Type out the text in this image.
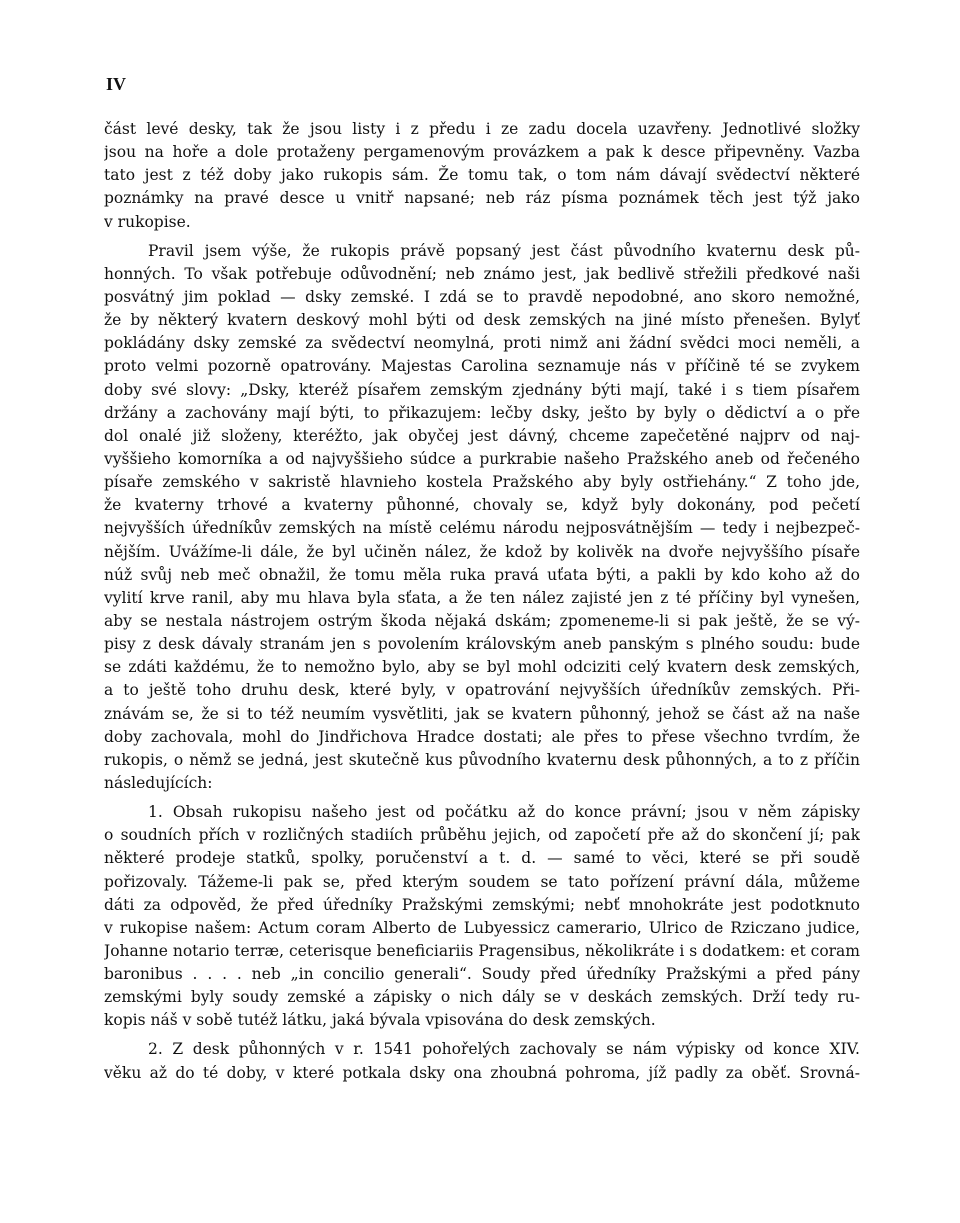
IV
část levé desky, tak že jsou listy i z předu i ze zadu docela uzavřeny. Jednotlivé složky
jsou na hoře a dole protaženy pergamenovým provázkem a pak k desce připevněny. Vazba
tato jest z též doby jako rukopis sám. Že tomu tak, o tom nám dávají svědectví některé
poznámky na pravé desce u vnitř napsané; neb ráz písma poznámek těch jest týž jako
v rukopise.
Pravil jsem výše, že rukopis právě popsaný jest část původního kvaternu desk pů-
honných. To však potřebuje odůvodnění; neb známo jest, jak bedlivě střežili předkové naši
posvátný jim poklad — dsky zemské. I zdá se to pravdě nepodobné, ano skoro nemožné,
že by některý kvatern deskový mohl býti od desk zemských na jiné místo přenešen. Bylyť
pokládány dsky zemské za svědectví neomylná, proti nimž ani žádní svědci moci neměli, a
proto velmi pozorně opatrovány. Majestas Carolina seznamuje nás v příčině té se zvykem
doby své slovy: „Dsky, kteréž písařem zemským zjednány býti mají, také i s tiem písařem
držány a zachovány mají býti, to přikazujem: lečby dsky, ješto by byly o dědictví a o pře
dol onalé již složeny, kteréžto, jak obyčej jest dávný, chceme zapečetěné najprv od naj-
vyššieho komorníka a od najvyššieho súdce a purkrabie našeho Pražského aneb od řečeného
písaře zemského v sakristě hlavnieho kostela Pražského aby byly ostřiehány.“ Z toho jde,
že kvaterny trhové a kvaterny půhonné, chovaly se, když byly dokonány, pod pečetí
nejvyšších úředníkův zemských na místě celému národu nejposvátnějším — tedy i nejbezpeč-
nějším. Uvážíme-li dále, že byl učiněn nález, že kdož by kolivěk na dvoře nejvyššího písaře
núž svůj neb meč obnažil, že tomu měla ruka pravá uťata býti, a pakli by kdo koho až do
vylití krve ranil, aby mu hlava byla sťata, a že ten nález zajisté jen z té příčiny byl vynešen,
aby se nestala nástrojem ostrým škoda nějaká dskám; zpomeneme-li si pak ještě, že se vý-
pisy z desk dávaly stranám jen s povolením královským aneb panským s plného soudu: bude
se zdáti každému, že to nemožno bylo, aby se byl mohl odciziti celý kvatern desk zemských,
a to ještě toho druhu desk, které byly, v opatrování nejvyšších úředníkův zemských. Při-
znávám se, že si to též neumím vysvětliti, jak se kvatern půhonný, jehož se část až na naše
doby zachovala, mohl do Jindřichova Hradce dostati; ale přes to přese všechno tvrdím, že
rukopis, o němž se jedná, jest skutečně kus původního kvaternu desk půhonných, a to z příčin
následujících:
1. Obsah rukopisu našeho jest od počátku až do konce právní; jsou v něm zápisky
o soudních přích v rozličných stadiích průběhu jejich, od započetí pře až do skončení jí; pak
některé prodeje statků, spolky, poručenství a t. d. — samé to věci, které se při soudě
pořizovaly. Tážeme-li pak se, před kterým soudem se tato pořízení právní dála, můžeme
dáti za odpověd, že před úředníky Pražskými zemskými; nebť mnohokráte jest podotknuto
v rukopise našem: Actum coram Alberto de Lubyessicz camerario, Ulrico de Rziczano judice,
Johanne notario terræ, ceterisque beneficiariis Pragensibus, několikráte i s dodatkem: et coram
baronibus . . . . neb „in concilio generali“. Soudy před úředníky Pražskými a před pány
zemskými byly soudy zemské a zápisky o nich dály se v deskách zemských. Drží tedy ru-
kopis náš v sobě tutéž látku, jaká bývala vpisována do desk zemských.
2. Z desk půhonných v r. 1541 pohořelých zachovaly se nám výpisky od konce XIV.
věku až do té doby, v které potkala dsky ona zhoubná pohroma, jíž padly za oběť. Srovná-
